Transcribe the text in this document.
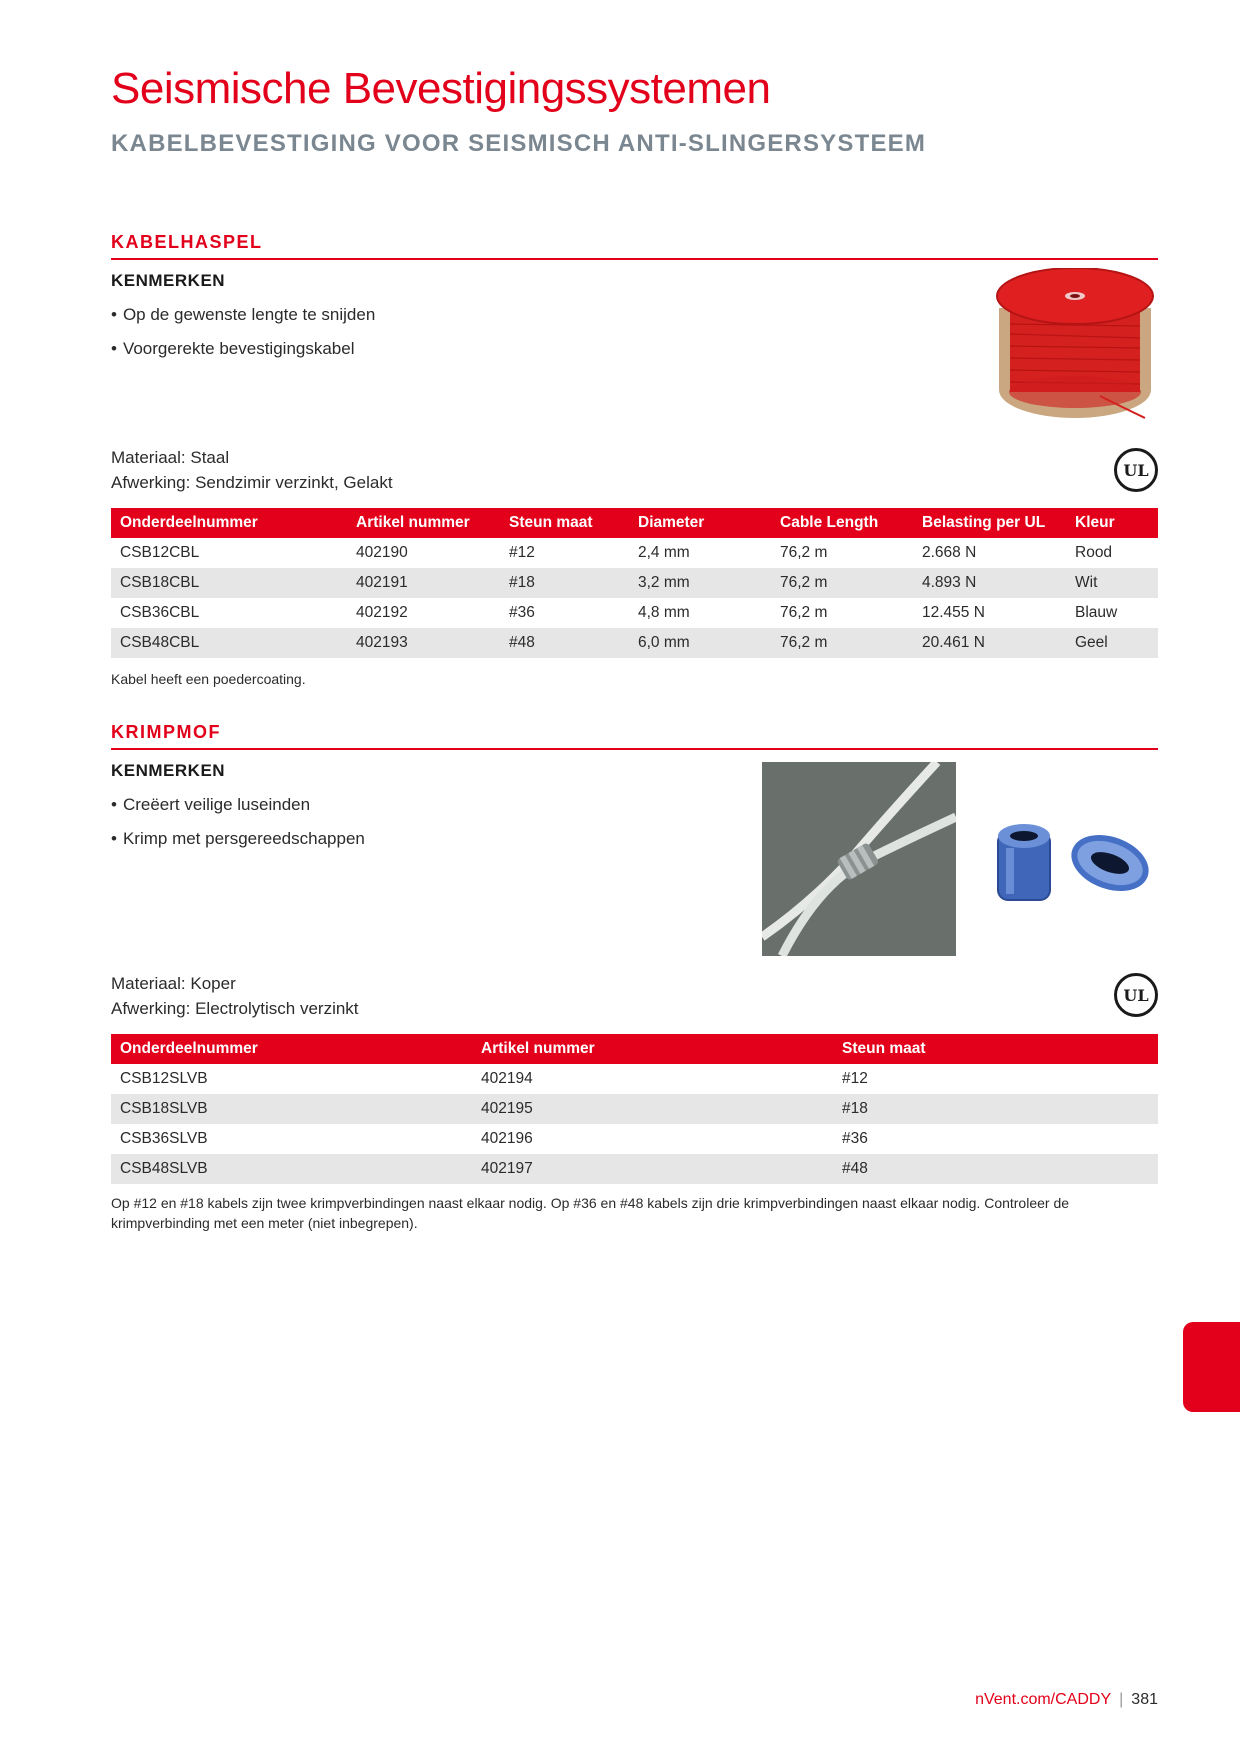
Seismische Bevestigingssystemen
KABELBEVESTIGING VOOR SEISMISCH ANTI-SLINGERSYSTEEM
KABELHASPEL
KENMERKEN
• Op de gewenste lengte te snijden
• Voorgerekte bevestigingskabel
Materiaal: Staal
Afwerking: Sendzimir verzinkt, Gelakt
UL
Onderdeelnummer	Artikel nummer	Steun maat	Diameter	Cable Length	Belasting per UL	Kleur
CSB12CBL	402190	#12	2,4 mm	76,2 m	2.668 N	Rood
CSB18CBL	402191	#18	3,2 mm	76,2 m	4.893 N	Wit
CSB36CBL	402192	#36	4,8 mm	76,2 m	12.455 N	Blauw
CSB48CBL	402193	#48	6,0 mm	76,2 m	20.461 N	Geel
Kabel heeft een poedercoating.
KRIMPMOF
KENMERKEN
• Creëert veilige luseinden
• Krimp met persgereedschappen
Materiaal: Koper
Afwerking: Electrolytisch verzinkt
UL
Onderdeelnummer	Artikel nummer	Steun maat
CSB12SLVB	402194	#12
CSB18SLVB	402195	#18
CSB36SLVB	402196	#36
CSB48SLVB	402197	#48
Op #12 en #18 kabels zijn twee krimpverbindingen naast elkaar nodig. Op #36 en #48 kabels zijn drie krimpverbindingen naast elkaar nodig. Controleer de krimpverbinding met een meter (niet inbegrepen).
nVent.com/CADDY | 381
